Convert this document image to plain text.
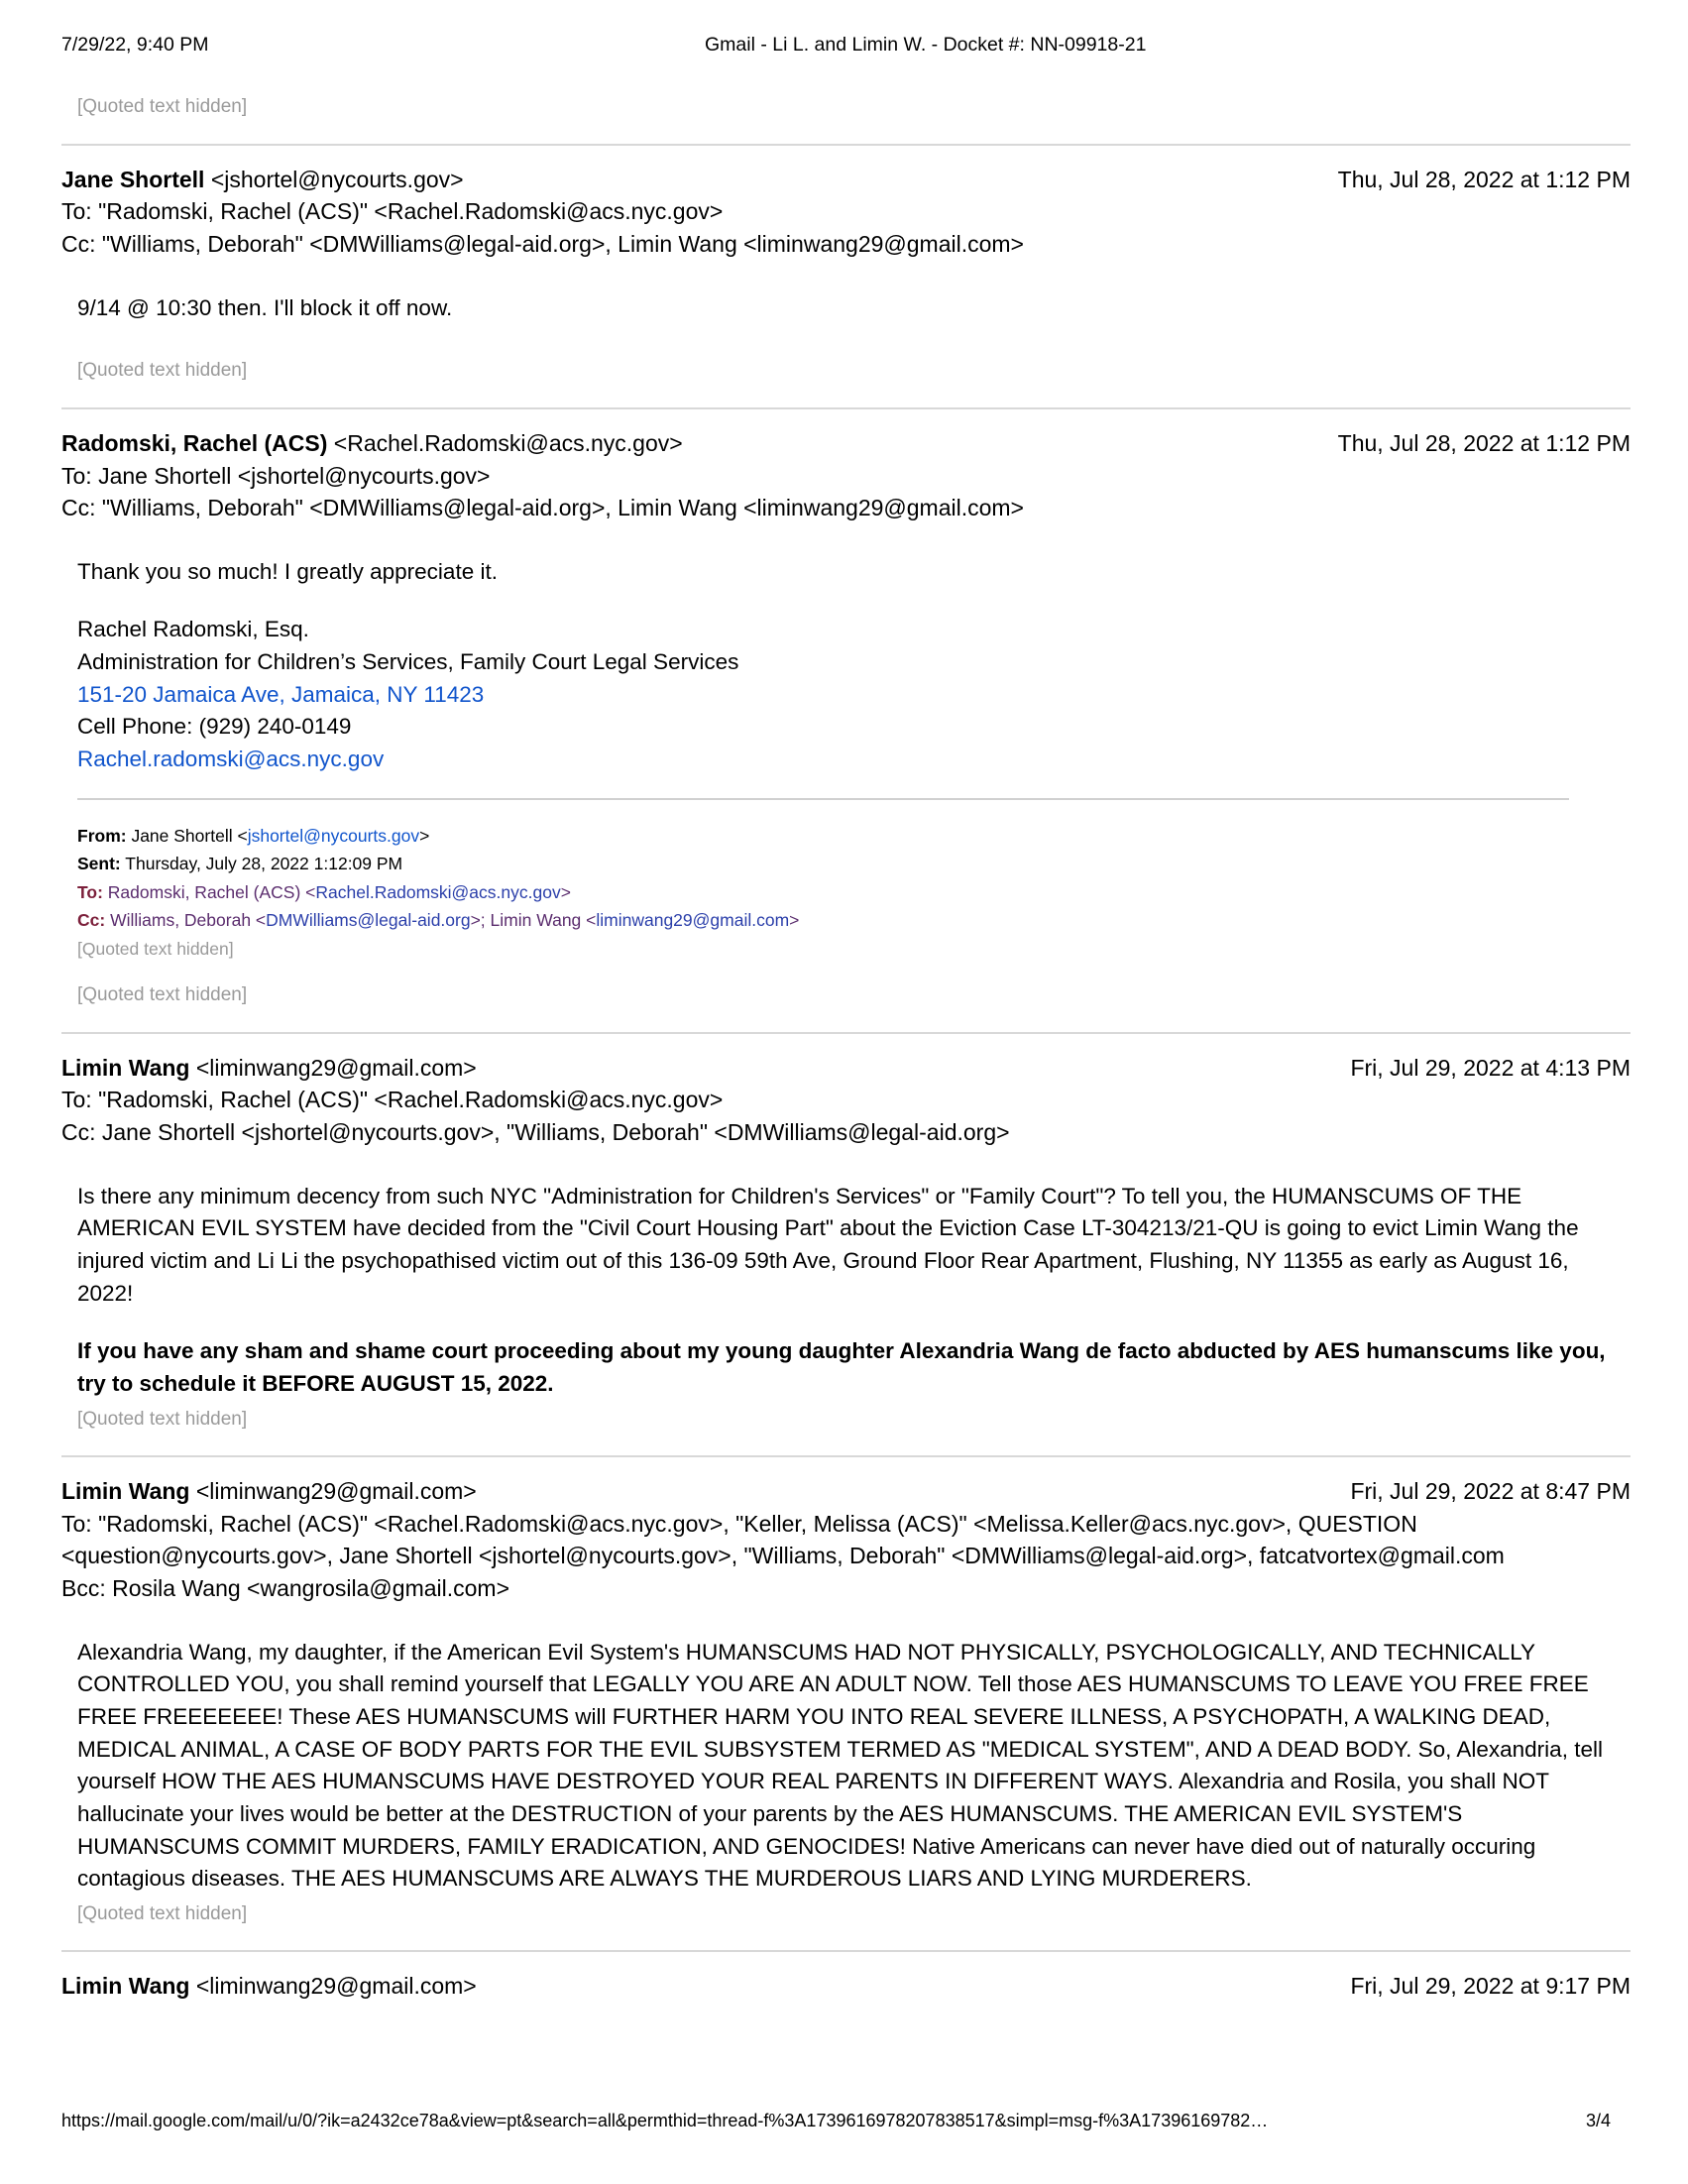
7/29/22, 9:40 PM	Gmail - Li L. and Limin W. - Docket #: NN-09918-21
[Quoted text hidden]
Jane Shortell <jshortel@nycourts.gov>	Thu, Jul 28, 2022 at 1:12 PM
To: "Radomski, Rachel (ACS)" <Rachel.Radomski@acs.nyc.gov>
Cc: "Williams, Deborah" <DMWilliams@legal-aid.org>, Limin Wang <liminwang29@gmail.com>

9/14 @ 10:30 then. I'll block it off now.

[Quoted text hidden]
Radomski, Rachel (ACS) <Rachel.Radomski@acs.nyc.gov>	Thu, Jul 28, 2022 at 1:12 PM
To: Jane Shortell <jshortel@nycourts.gov>
Cc: "Williams, Deborah" <DMWilliams@legal-aid.org>, Limin Wang <liminwang29@gmail.com>

Thank you so much! I greatly appreciate it.

Rachel Radomski, Esq.
Administration for Children’s Services, Family Court Legal Services
151-20 Jamaica Ave, Jamaica, NY 11423
Cell Phone: (929) 240-0149
Rachel.radomski@acs.nyc.gov

From: Jane Shortell <jshortel@nycourts.gov>
Sent: Thursday, July 28, 2022 1:12:09 PM
To: Radomski, Rachel (ACS) <Rachel.Radomski@acs.nyc.gov>
Cc: Williams, Deborah <DMWilliams@legal-aid.org>; Limin Wang <liminwang29@gmail.com>
[Quoted text hidden]
[Quoted text hidden]
Limin Wang <liminwang29@gmail.com>	Fri, Jul 29, 2022 at 4:13 PM
To: "Radomski, Rachel (ACS)" <Rachel.Radomski@acs.nyc.gov>
Cc: Jane Shortell <jshortel@nycourts.gov>, "Williams, Deborah" <DMWilliams@legal-aid.org>

Is there any minimum decency from such NYC "Administration for Children's Services" or "Family Court"? To tell you, the HUMANSCUMS OF THE AMERICAN EVIL SYSTEM have decided from the "Civil Court Housing Part" about the Eviction Case LT-304213/21-QU is going to evict Limin Wang the injured victim and Li Li the psychopathised victim out of this 136-09 59th Ave, Ground Floor Rear Apartment, Flushing, NY 11355 as early as August 16, 2022!

If you have any sham and shame court proceeding about my young daughter Alexandria Wang de facto abducted by AES humanscums like you, try to schedule it BEFORE AUGUST 15, 2022.

[Quoted text hidden]
Limin Wang <liminwang29@gmail.com>	Fri, Jul 29, 2022 at 8:47 PM
To: "Radomski, Rachel (ACS)" <Rachel.Radomski@acs.nyc.gov>, "Keller, Melissa (ACS)" <Melissa.Keller@acs.nyc.gov>, QUESTION <question@nycourts.gov>, Jane Shortell <jshortel@nycourts.gov>, "Williams, Deborah" <DMWilliams@legal-aid.org>, fatcatvortex@gmail.com
Bcc: Rosila Wang <wangrosila@gmail.com>

Alexandria Wang, my daughter, if the American Evil System's HUMANSCUMS HAD NOT PHYSICALLY, PSYCHOLOGICALLY, AND TECHNICALLY CONTROLLED YOU, you shall remind yourself that LEGALLY YOU ARE AN ADULT NOW. Tell those AES HUMANSCUMS TO LEAVE YOU FREE FREE FREE FREEEEEEE! These AES HUMANSCUMS will FURTHER HARM YOU INTO REAL SEVERE ILLNESS, A PSYCHOPATH, A WALKING DEAD, MEDICAL ANIMAL, A CASE OF BODY PARTS FOR THE EVIL SUBSYSTEM TERMED AS "MEDICAL SYSTEM", AND A DEAD BODY. So, Alexandria, tell yourself HOW THE AES HUMANSCUMS HAVE DESTROYED YOUR REAL PARENTS IN DIFFERENT WAYS. Alexandria and Rosila, you shall NOT hallucinate your lives would be better at the DESTRUCTION of your parents by the AES HUMANSCUMS. THE AMERICAN EVIL SYSTEM'S HUMANSCUMS COMMIT MURDERS, FAMILY ERADICATION, AND GENOCIDES! Native Americans can never have died out of naturally occuring contagious diseases. THE AES HUMANSCUMS ARE ALWAYS THE MURDEROUS LIARS AND LYING MURDERERS.

[Quoted text hidden]
Limin Wang <liminwang29@gmail.com>	Fri, Jul 29, 2022 at 9:17 PM
https://mail.google.com/mail/u/0/?ik=a2432ce78a&view=pt&search=all&permthid=thread-f%3A1739616978207838517&simpl=msg-f%3A17396169782…	3/4
